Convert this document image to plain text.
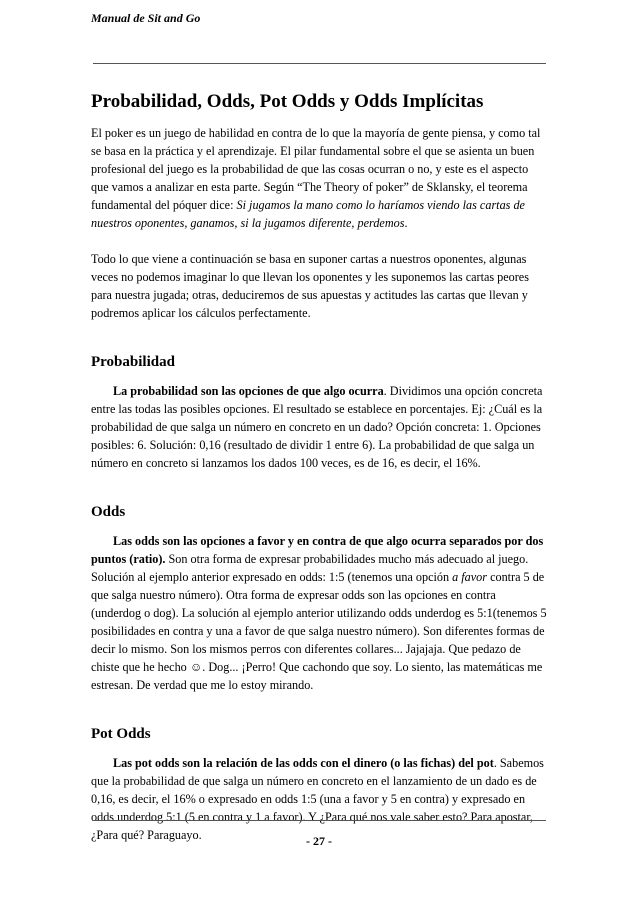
Manual de Sit and Go
Probabilidad, Odds, Pot Odds y Odds Implícitas

El poker es un juego de habilidad en contra de lo que la mayoría de gente piensa, y como tal se basa en la práctica y el aprendizaje. El pilar fundamental sobre el que se asienta un buen profesional del juego es la probabilidad de que las cosas ocurran o no, y este es el aspecto que vamos a analizar en esta parte. Según “The Theory of poker” de Sklansky, el teorema fundamental del póquer dice: Si jugamos la mano como lo haríamos viendo las cartas de nuestros oponentes, ganamos, si la jugamos diferente, perdemos.

Todo lo que viene a continuación se basa en suponer cartas a nuestros oponentes, algunas veces no podemos imaginar lo que llevan los oponentes y les suponemos las cartas peores para nuestra jugada; otras, deduciremos de sus apuestas y actitudes las cartas que llevan y podremos aplicar los cálculos perfectamente.

Probabilidad

La probabilidad son las opciones de que algo ocurra. Dividimos una opción concreta entre las todas las posibles opciones. El resultado se establece en porcentajes. Ej: ¿Cuál es la probabilidad de que salga un número en concreto en un dado? Opción concreta: 1. Opciones posibles: 6. Solución: 0,16 (resultado de dividir 1 entre 6). La probabilidad de que salga un número en concreto si lanzamos los dados 100 veces, es de 16, es decir, el 16%.

Odds

Las odds son las opciones a favor y en contra de que algo ocurra separados por dos puntos (ratio). Son otra forma de expresar probabilidades mucho más adecuado al juego. Solución al ejemplo anterior expresado en odds: 1:5 (tenemos una opción a favor contra 5 de que salga nuestro número). Otra forma de expresar odds son las opciones en contra (underdog o dog). La solución al ejemplo anterior utilizando odds underdog es 5:1(tenemos 5 posibilidades en contra y una a favor de que salga nuestro número). Son diferentes formas de decir lo mismo. Son los mismos perros con diferentes collares... Jajajaja. Que pedazo de chiste que he hecho ☺. Dog... ¡Perro! Que cachondo que soy. Lo siento, las matemáticas me estresan. De verdad que me lo estoy mirando.

Pot Odds

Las pot odds son la relación de las odds con el dinero (o las fichas) del pot. Sabemos que la probabilidad de que salga un número en concreto en el lanzamiento de un dado es de 0,16, es decir, el 16% o expresado en odds 1:5 (una a favor y 5 en contra) y expresado en odds underdog 5:1 (5 en contra y 1 a favor). Y ¿Para qué nos vale saber esto? Para apostar, ¿Para qué? Paraguayo.	- 27 -
